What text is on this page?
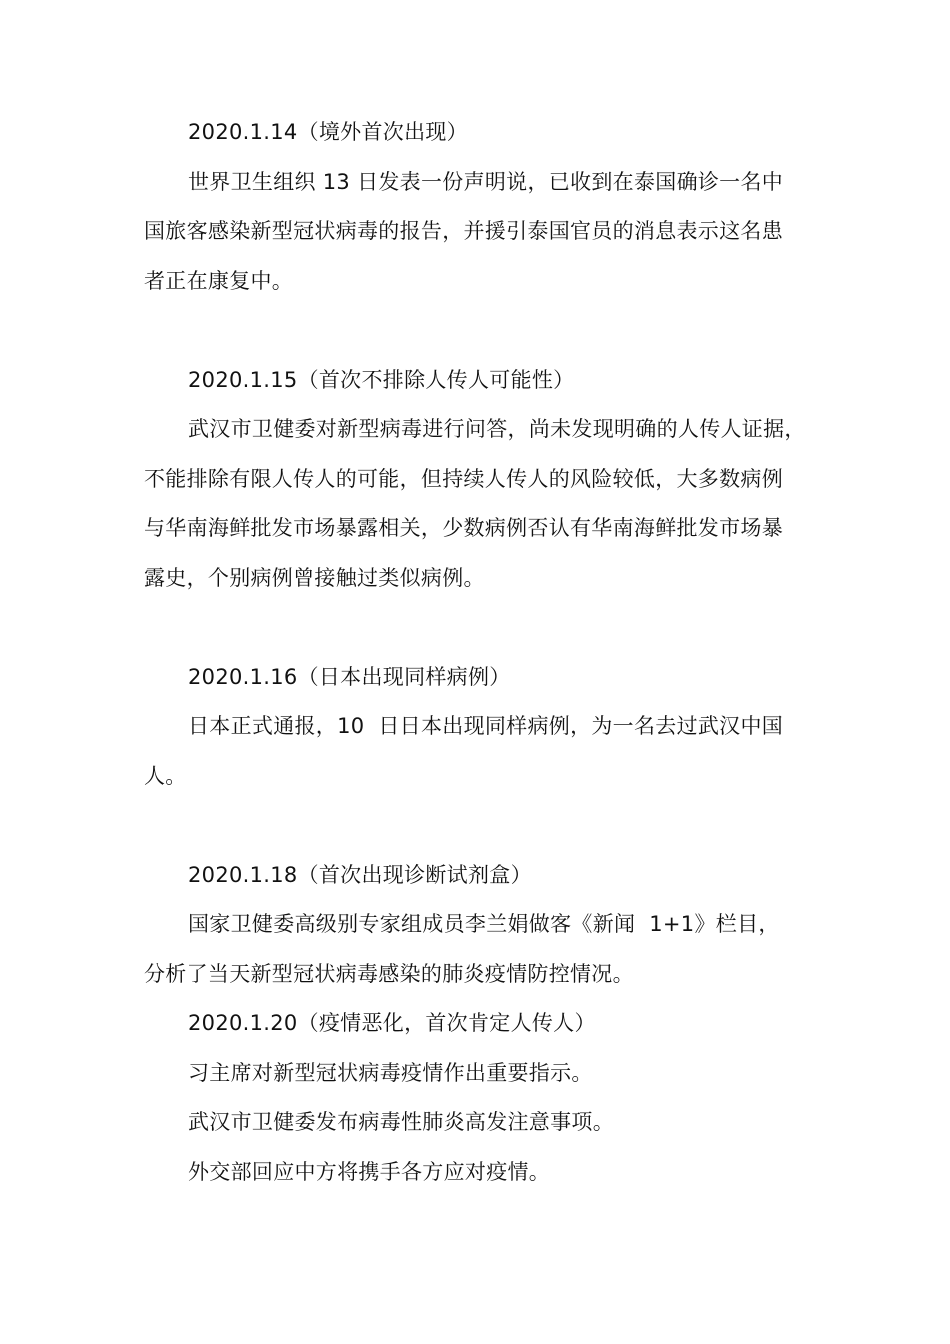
2020.1.14（境外首次出现）

世界卫生组织 13 日发表一份声明说，已收到在泰国确诊一名中

国旅客感染新型冠状病毒的报告，并援引泰国官员的消息表示这名患

者正在康复中。

2020.1.15（首次不排除人传人可能性）

武汉市卫健委对新型病毒进行问答，尚未发现明确的人传人证据，

不能排除有限人传人的可能，但持续人传人的风险较低，大多数病例

与华南海鲜批发市场暴露相关，少数病例否认有华南海鲜批发市场暴

露史，个别病例曾接触过类似病例。

2020.1.16（日本出现同样病例）

日本正式通报，10  日日本出现同样病例，为一名去过武汉中国

人。

2020.1.18（首次出现诊断试剂盒）

国家卫健委高级别专家组成员李兰娟做客《新闻  1+1》栏目，

分析了当天新型冠状病毒感染的肺炎疫情防控情况。

2020.1.20（疫情恶化，首次肯定人传人）

习主席对新型冠状病毒疫情作出重要指示。

武汉市卫健委发布病毒性肺炎高发注意事项。

外交部回应中方将携手各方应对疫情。
